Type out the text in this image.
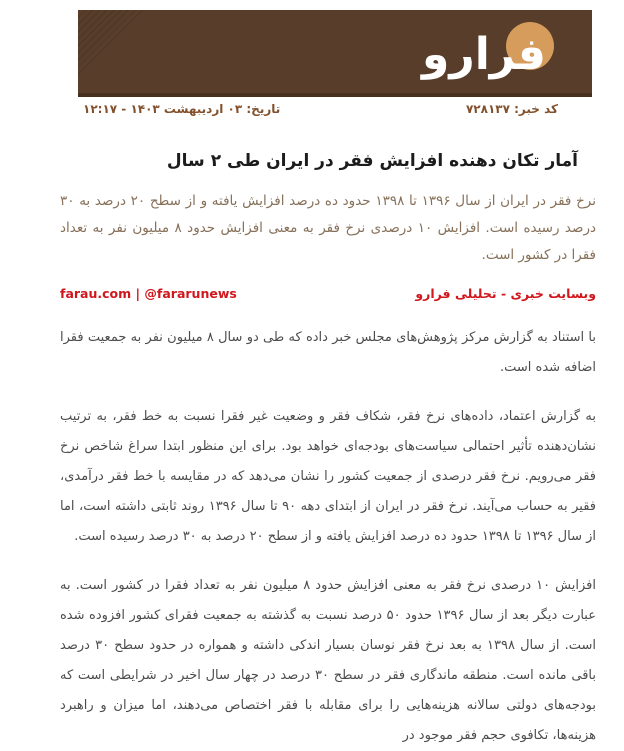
فرارو
کد خبر: ۷۲۸۱۳۷
تاریخ: ۰۳ اردیبهشت ۱۴۰۳ - ۱۲:۱۷
آمار تکان دهنده افزایش فقر در ایران طی ۲ سال

نرخ فقر در ایران از سال ۱۳۹۶ تا ۱۳۹۸ حدود ده درصد افزایش یافته و از سطح ۲۰ درصد به ۳۰ درصد رسیده است. افزایش ۱۰ درصدی نرخ فقر به معنی افزایش حدود ۸ میلیون نفر به تعداد فقرا در کشور است.

وبسایت خبری - تحلیلی فرارو
farau.com | @fararunews

با استناد به گزارش مرکز پژوهش‌های مجلس خبر داده که طی دو سال ۸ میلیون نفر به جمعیت فقرا اضافه شده است.

به گزارش اعتماد، داده‌های نرخ فقر، شکاف فقر و وضعیت غیر فقرا نسبت به خط فقر، به ترتیب نشان‌دهنده تأثیر احتمالی سیاست‌های بودجه‌ای خواهد بود. برای این منظور ابتدا سراغ شاخص نرخ فقر می‌رویم. نرخ فقر درصدی از جمعیت کشور را نشان می‌دهد که در مقایسه با خط فقر درآمدی، فقیر به حساب می‌آیند. نرخ فقر در ایران از ابتدای دهه ۹۰ تا سال ۱۳۹۶ روند ثابتی داشته است، اما از سال ۱۳۹۶ تا ۱۳۹۸ حدود ده درصد افزایش یافته و از سطح ۲۰ درصد به ۳۰ درصد رسیده است.

افزایش ۱۰ درصدی نرخ فقر به معنی افزایش حدود ۸ میلیون نفر به تعداد فقرا در کشور است. به عبارت دیگر بعد از سال ۱۳۹۶ حدود ۵۰ درصد نسبت به گذشته به جمعیت فقرای کشور افزوده شده است. از سال ۱۳۹۸ به بعد نرخ فقر نوسان بسیار اندکی داشته و همواره در حدود سطح ۳۰ درصد باقی مانده است. منطقه ماندگاری فقر در سطح ۳۰ درصد در چهار سال اخیر در شرایطی است که بودجه‌های دولتی سالانه هزینه‌هایی را برای مقابله با فقر اختصاص می‌دهند، اما میزان و راهبرد هزینه‌ها، تکافوی حجم فقر موجود در
